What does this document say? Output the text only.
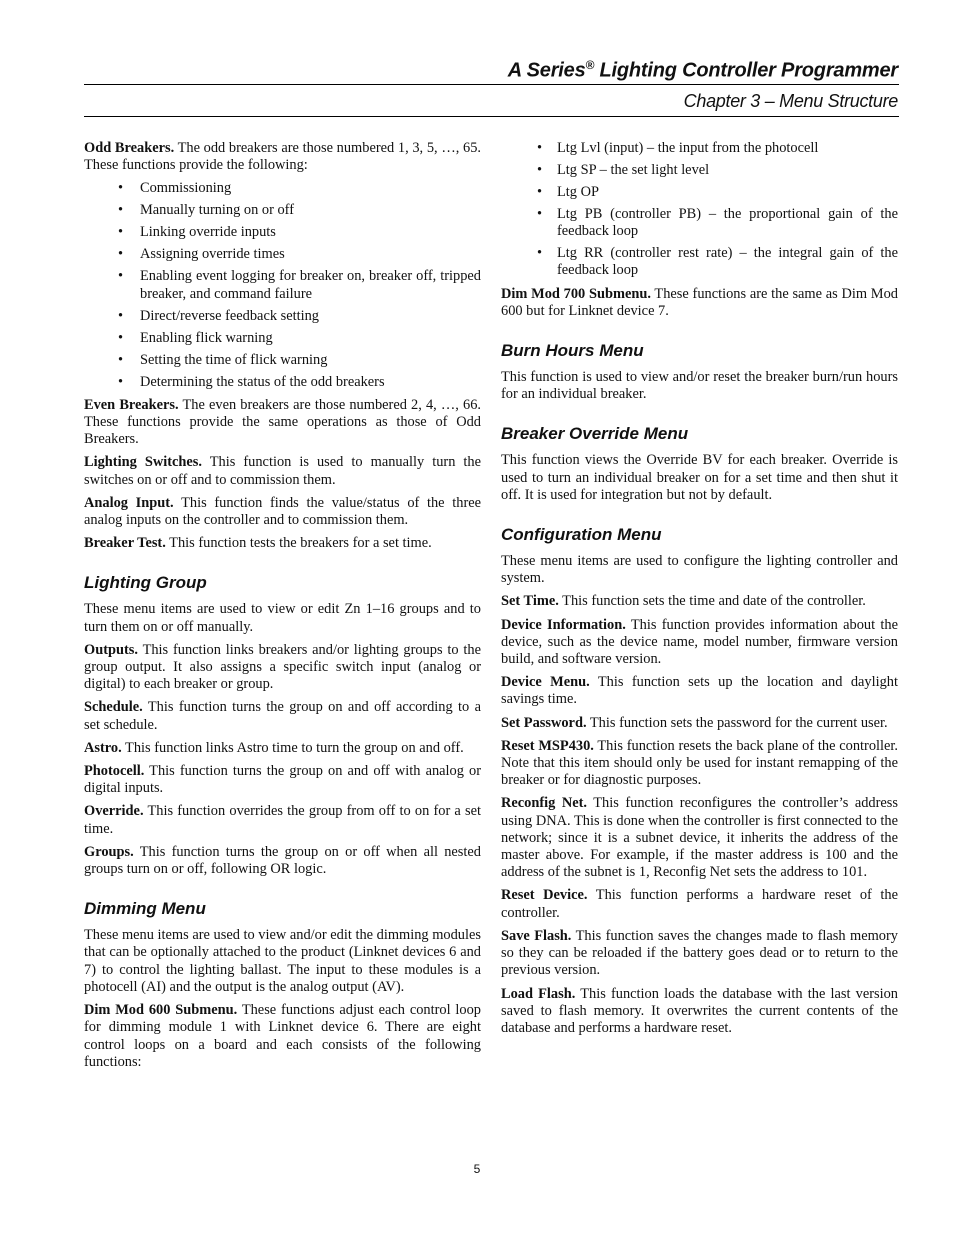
A Series® Lighting Controller Programmer
Chapter 3 – Menu Structure

Odd Breakers. The odd breakers are those numbered 1, 3, 5, …, 65. These functions provide the following:

• Commissioning
• Manually turning on or off
• Linking override inputs
• Assigning override times
• Enabling event logging for breaker on, breaker off, tripped breaker, and command failure
• Direct/reverse feedback setting
• Enabling flick warning
• Setting the time of flick warning
• Determining the status of the odd breakers

Even Breakers. The even breakers are those numbered 2, 4, …, 66. These functions provide the same operations as those of Odd Breakers.

Lighting Switches. This function is used to manually turn the switches on or off and to commission them.

Analog Input. This function finds the value/status of the three analog inputs on the controller and to commission them.

Breaker Test. This function tests the breakers for a set time.

Lighting Group

These menu items are used to view or edit Zn 1–16 groups and to turn them on or off manually.

Outputs. This function links breakers and/or lighting groups to the group output. It also assigns a specific switch input (analog or digital) to each breaker or group.

Schedule. This function turns the group on and off according to a set schedule.

Astro. This function links Astro time to turn the group on and off.

Photocell. This function turns the group on and off with analog or digital inputs.

Override. This function overrides the group from off to on for a set time.

Groups. This function turns the group on or off when all nested groups turn on or off, following OR logic.

Dimming Menu

These menu items are used to view and/or edit the dimming modules that can be optionally attached to the product (Linknet devices 6 and 7) to control the lighting ballast. The input to these modules is a photocell (AI) and the output is the analog output (AV).

Dim Mod 600 Submenu. These functions adjust each control loop for dimming module 1 with Linknet device 6. There are eight control loops on a board and each consists of the following functions:

• Ltg Lvl (input) – the input from the photocell
• Ltg SP – the set light level
• Ltg OP
• Ltg PB (controller PB) – the proportional gain of the feedback loop
• Ltg RR (controller rest rate) – the integral gain of the feedback loop

Dim Mod 700 Submenu. These functions are the same as Dim Mod 600 but for Linknet device 7.

Burn Hours Menu

This function is used to view and/or reset the breaker burn/run hours for an individual breaker.

Breaker Override Menu

This function views the Override BV for each breaker. Override is used to turn an individual breaker on for a set time and then shut it off. It is used for integration but not by default.

Configuration Menu

These menu items are used to configure the lighting controller and system.

Set Time. This function sets the time and date of the controller.

Device Information. This function provides information about the device, such as the device name, model number, firmware version build, and software version.

Device Menu. This function sets up the location and daylight savings time.

Set Password. This function sets the password for the current user.

Reset MSP430. This function resets the back plane of the controller. Note that this item should only be used for instant remapping of the breaker or for diagnostic purposes.

Reconfig Net. This function reconfigures the controller’s address using DNA. This is done when the controller is first connected to the network; since it is a subnet device, it inherits the address of the master above. For example, if the master address is 100 and the address of the subnet is 1, Reconfig Net sets the address to 101.

Reset Device. This function performs a hardware reset of the controller.

Save Flash. This function saves the changes made to flash memory so they can be reloaded if the battery goes dead or to return to the previous version.

Load Flash. This function loads the database with the last version saved to flash memory. It overwrites the current contents of the database and performs a hardware reset.

5
